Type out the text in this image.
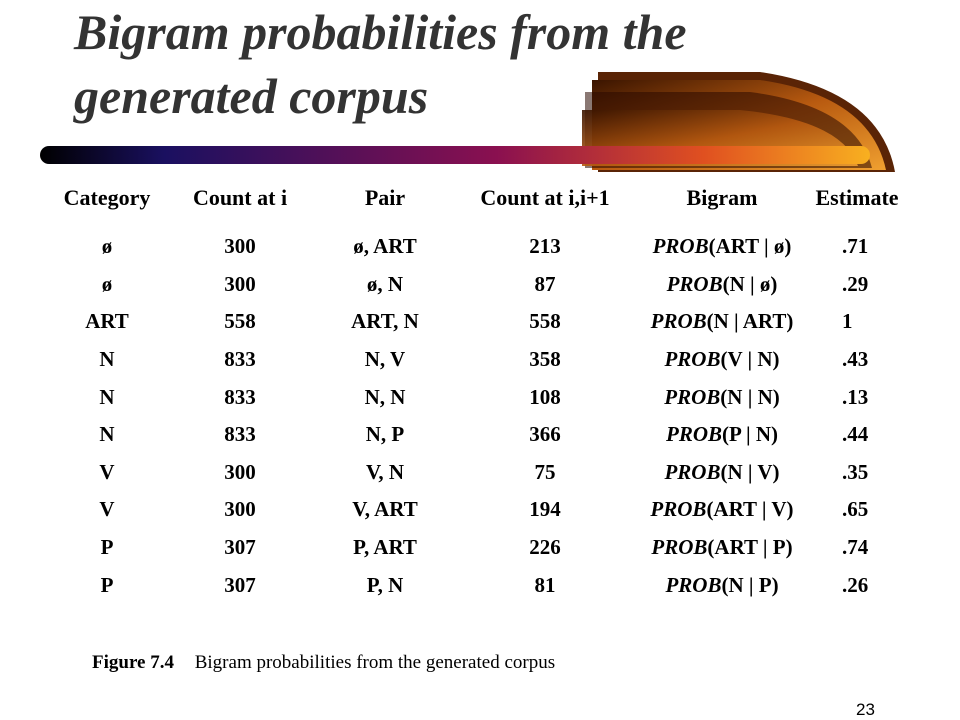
Bigram probabilities from the generated corpus
Category	Count at i	Pair	Count at i,i+1	Bigram	Estimate
ø	300	ø, ART	213	PROB(ART | ø)	.71
ø	300	ø, N	87	PROB(N | ø)	.29
ART	558	ART, N	558	PROB(N | ART)	1
N	833	N, V	358	PROB(V | N)	.43
N	833	N, N	108	PROB(N | N)	.13
N	833	N, P	366	PROB(P | N)	.44
V	300	V, N	75	PROB(N | V)	.35
V	300	V, ART	194	PROB(ART | V)	.65
P	307	P, ART	226	PROB(ART | P)	.74
P	307	P, N	81	PROB(N | P)	.26
Figure 7.4 Bigram probabilities from the generated corpus
23
